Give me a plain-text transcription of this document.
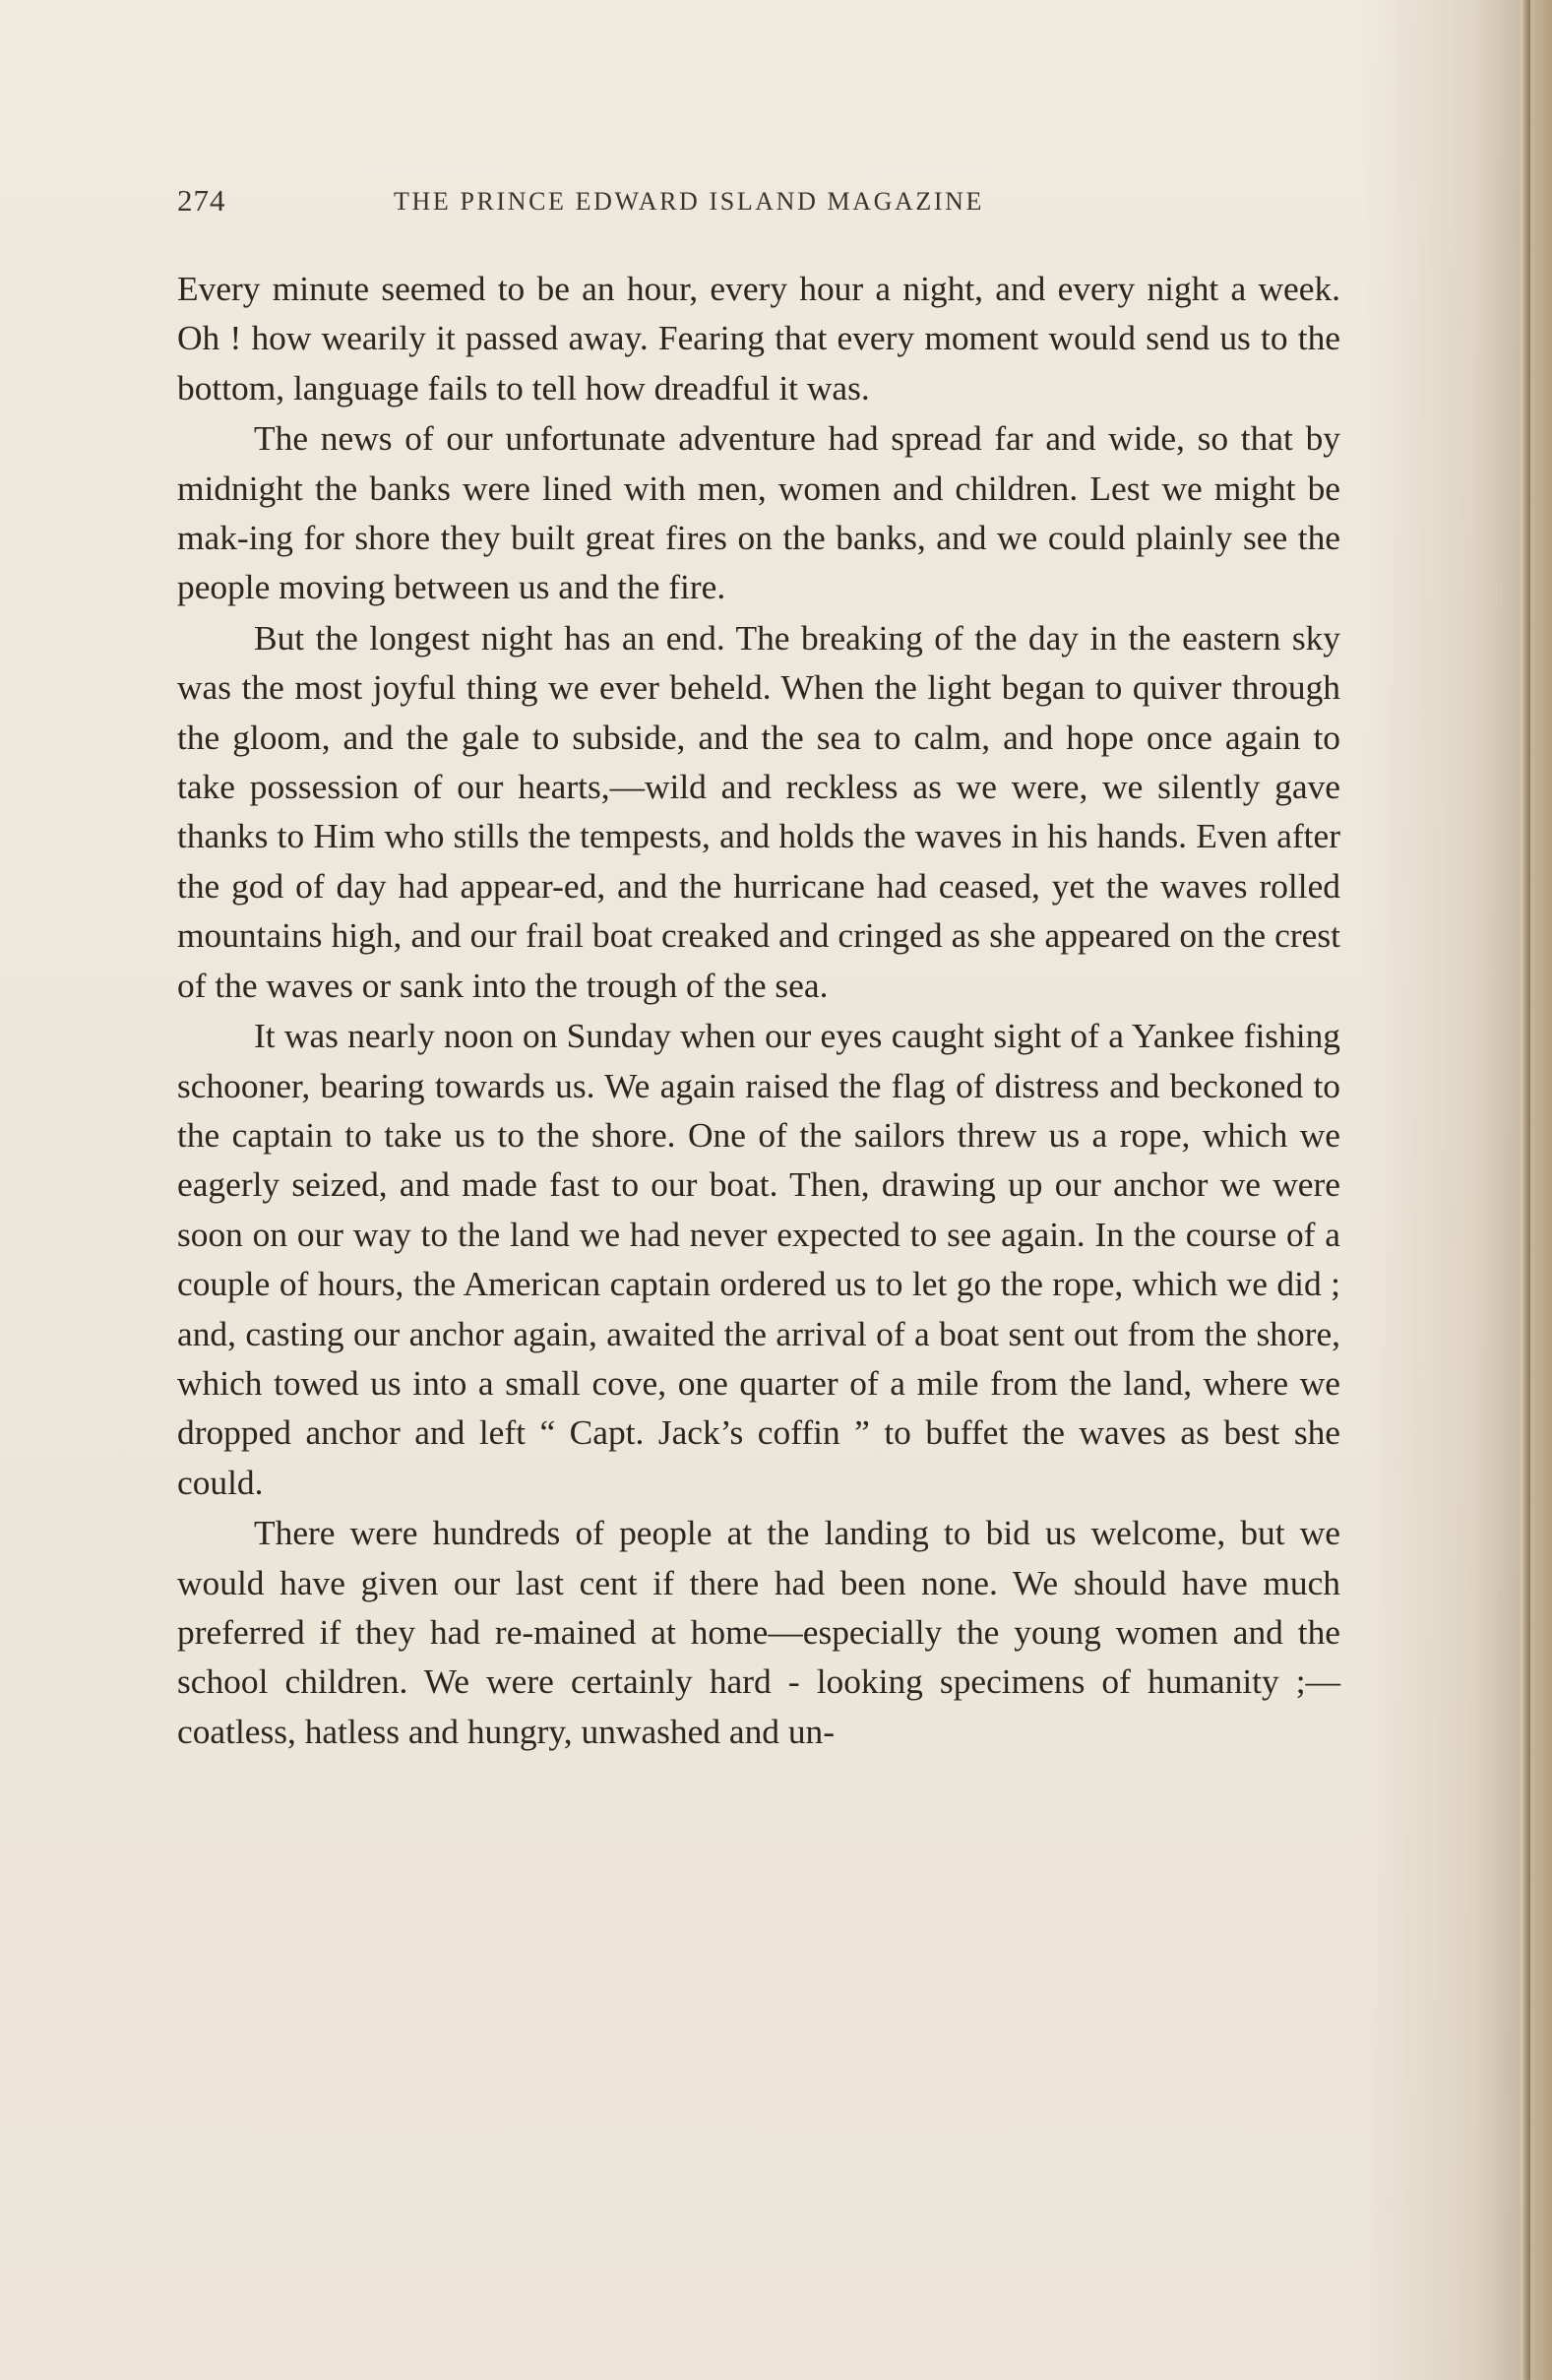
274	THE PRINCE EDWARD ISLAND MAGAZINE

Every minute seemed to be an hour, every hour a night, and every night a week. Oh ! how wearily it passed away. Fearing that every moment would send us to the bottom, language fails to tell how dreadful it was.

The news of our unfortunate adventure had spread far and wide, so that by midnight the banks were lined with men, women and children. Lest we might be mak-ing for shore they built great fires on the banks, and we could plainly see the people moving between us and the fire.

But the longest night has an end. The breaking of the day in the eastern sky was the most joyful thing we ever beheld. When the light began to quiver through the gloom, and the gale to subside, and the sea to calm, and hope once again to take possession of our hearts,—wild and reckless as we were, we silently gave thanks to Him who stills the tempests, and holds the waves in his hands. Even after the god of day had appear-ed, and the hurricane had ceased, yet the waves rolled mountains high, and our frail boat creaked and cringed as she appeared on the crest of the waves or sank into the trough of the sea.

It was nearly noon on Sunday when our eyes caught sight of a Yankee fishing schooner, bearing towards us. We again raised the flag of distress and beckoned to the captain to take us to the shore. One of the sailors threw us a rope, which we eagerly seized, and made fast to our boat. Then, drawing up our anchor we were soon on our way to the land we had never expected to see again. In the course of a couple of hours, the American captain ordered us to let go the rope, which we did ; and, casting our anchor again, awaited the arrival of a boat sent out from the shore, which towed us into a small cove, one quarter of a mile from the land, where we dropped anchor and left “ Capt. Jack’s coffin ” to buffet the waves as best she could.

There were hundreds of people at the landing to bid us welcome, but we would have given our last cent if there had been none. We should have much preferred if they had re-mained at home—especially the young women and the school children. We were certainly hard - looking specimens of humanity ;—coatless, hatless and hungry, unwashed and un-
